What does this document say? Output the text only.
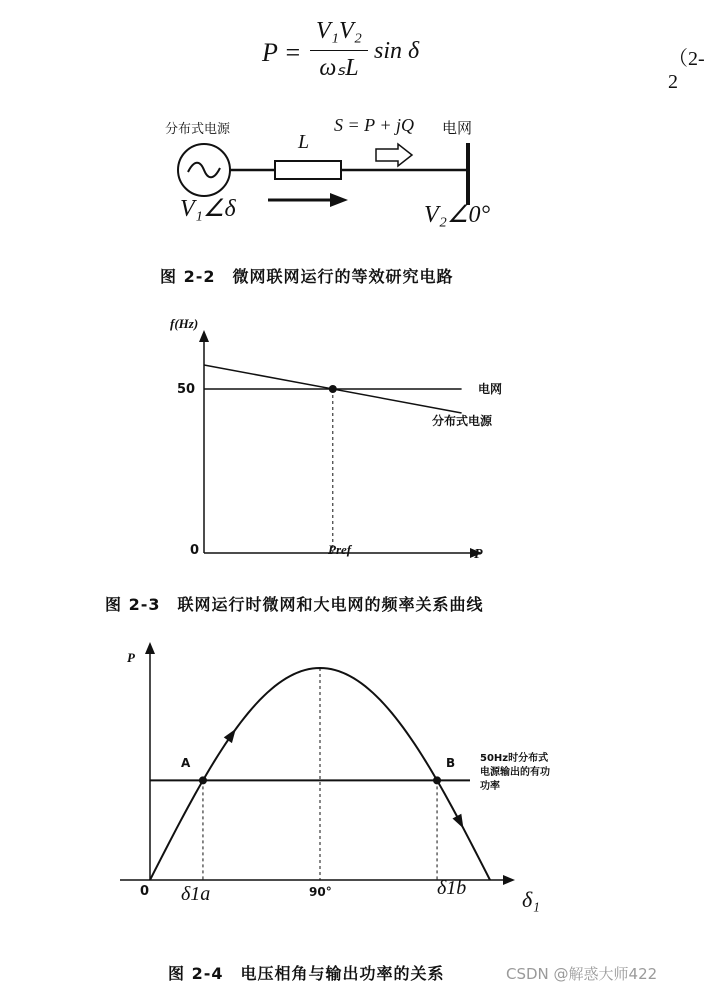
P =
V₁V₂
ωₛL
sin δ	（2-2
分布式电源
L
S = P + jQ 电网
V₁∠δ	V₂∠0°
图 2-2　微网联网运行的等效研究电路
f(Hz)
50
0	Pref	P
电网
分布式电源
图 2-3　联网运行时微网和大电网的频率关系曲线
P
0 δ1a	90°	δ1b	δ₁
A	B 50Hz时分布式电源输出的有功功率
图 2-4　电压相角与输出功率的关系	CSDN @解惑大师422
